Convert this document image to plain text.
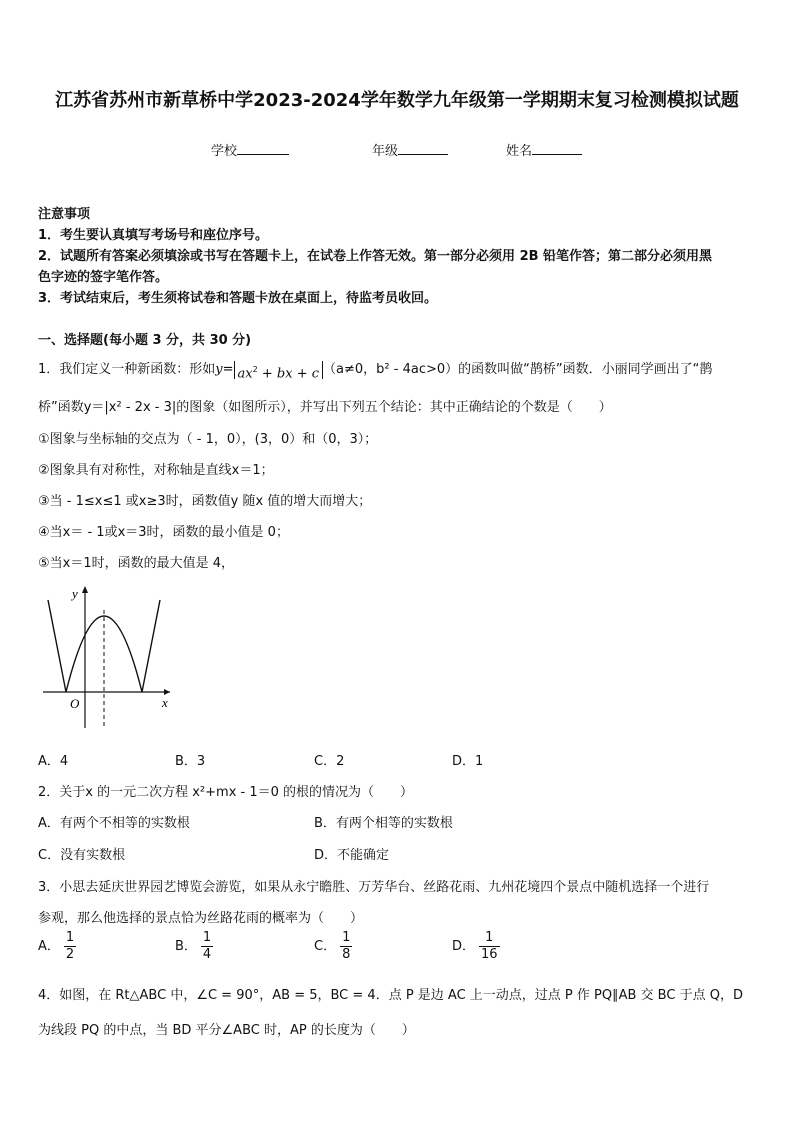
江苏省苏州市新草桥中学2023-2024学年数学九年级第一学期期末复习检测模拟试题
学校	年级	姓名
注意事项
1．考生要认真填写考场号和座位序号。
2．试题所有答案必须填涂或书写在答题卡上，在试卷上作答无效。第一部分必须用 2B 铅笔作答；第二部分必须用黑
色字迹的签字笔作答。
3．考试结束后，考生须将试卷和答题卡放在桌面上，待监考员收回。
一、选择题(每小题 3 分，共 30 分)
1．我们定义一种新函数：形如$y= ax^2$ + bx + c （a≠0，b² - 4ac>0）的函数叫做“鹊桥”函数．小丽同学画出了“鹊
桥”函数y＝|x² - 2x - 3|的图象（如图所示），并写出下列五个结论：其中正确结论的个数是（　　）
①图象与坐标轴的交点为（ - 1，0），(3，0）和（0，3）；
②图象具有对称性，对称轴是直线x＝1；
③当 - 1≤x≤1 或x≥3时，函数值y 随x 值的增大而增大；
④当x＝ - 1或x＝3时，函数的最小值是 0；
⑤当x＝1时，函数的最大值是 4，
y
x
O
A．4	B．3	C．2	D．1
2．关于x 的一元二次方程 x²+mx - 1＝0 的根的情况为（　　）
A．有两个不相等的实数根	B．有两个相等的实数根
C．没有实数根	D．不能确定
3．小思去延庆世界园艺博览会游览，如果从永宁瞻胜、万芳华台、丝路花雨、九州花境四个景点中随机选择一个进行
参观，那么他选择的景点恰为丝路花雨的概率为（　　）
A． $\frac{1}{2}$	B． $\frac{1}{4}$	C． $\frac{1}{8}$	D． $\frac{1}{16}$
4．如图，在 Rt△ABC 中，∠C = 90°，AB = 5，BC = 4．点 P 是边 AC 上一动点，过点 P 作 PQ∥AB 交 BC 于点 Q，D
为线段 PQ 的中点，当 BD 平分∠ABC 时，AP 的长度为（　　）
